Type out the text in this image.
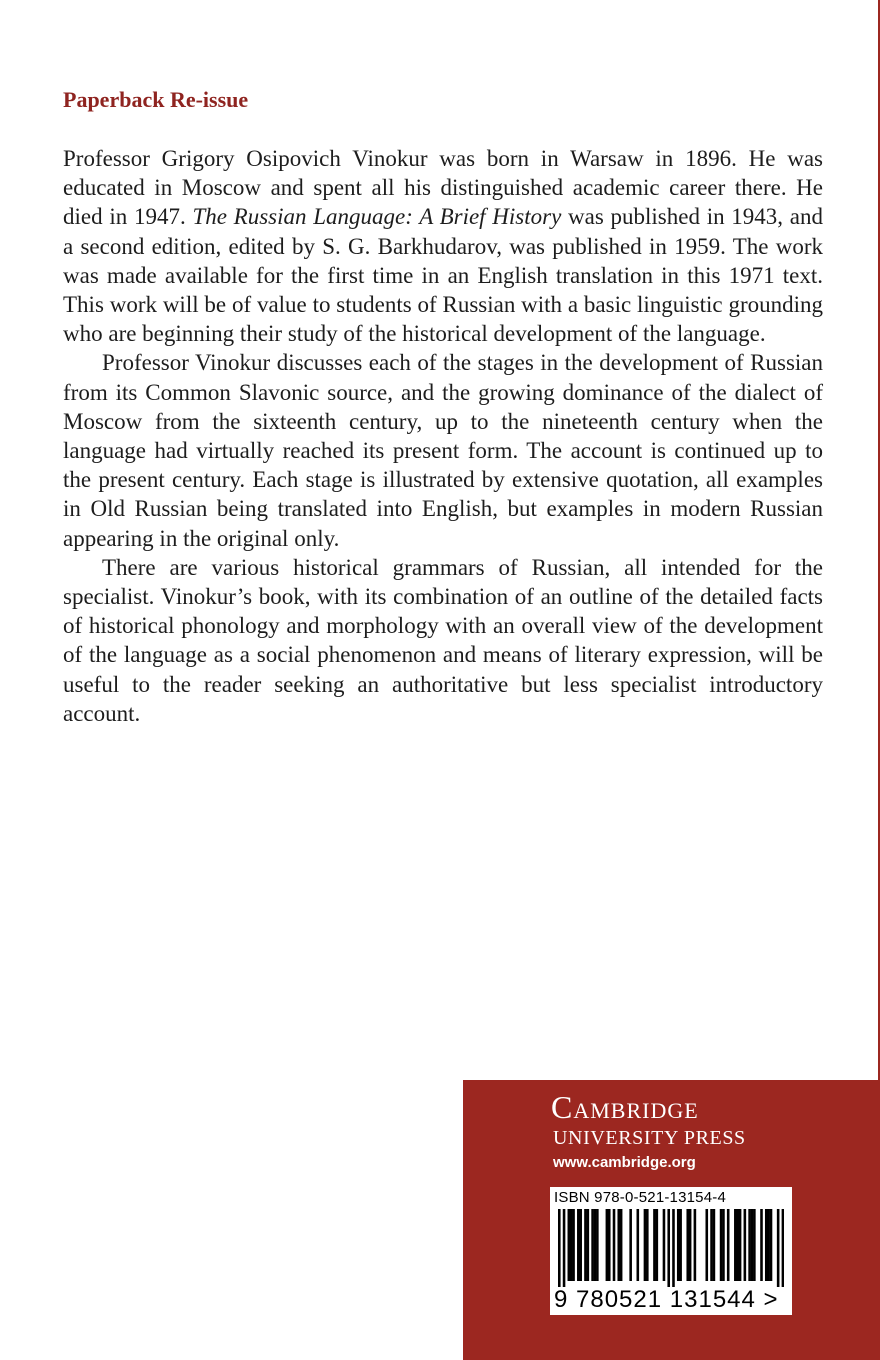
Paperback Re-issue

Professor Grigory Osipovich Vinokur was born in Warsaw in 1896. He was educated in Moscow and spent all his distinguished academic career there. He died in 1947. The Russian Language: A Brief History was published in 1943, and a second edition, edited by S. G. Barkhudarov, was published in 1959. The work was made available for the first time in an English translation in this 1971 text. This work will be of value to students of Russian with a basic linguistic grounding who are beginning their study of the historical development of the language.

Professor Vinokur discusses each of the stages in the development of Russian from its Common Slavonic source, and the growing dominance of the dialect of Moscow from the sixteenth century, up to the nineteenth century when the language had virtually reached its present form. The account is continued up to the present century. Each stage is illustrated by extensive quotation, all examples in Old Russian being translated into English, but examples in modern Russian appearing in the original only.

There are various historical grammars of Russian, all intended for the specialist. Vinokur’s book, with its combination of an outline of the detailed facts of historical phonology and morphology with an overall view of the development of the language as a social phenomenon and means of literary expression, will be useful to the reader seeking an authoritative but less specialist introductory account.

Cambridge
UNIVERSITY PRESS
www.cambridge.org
ISBN 978-0-521-13154-4
9 780521 131544 >
